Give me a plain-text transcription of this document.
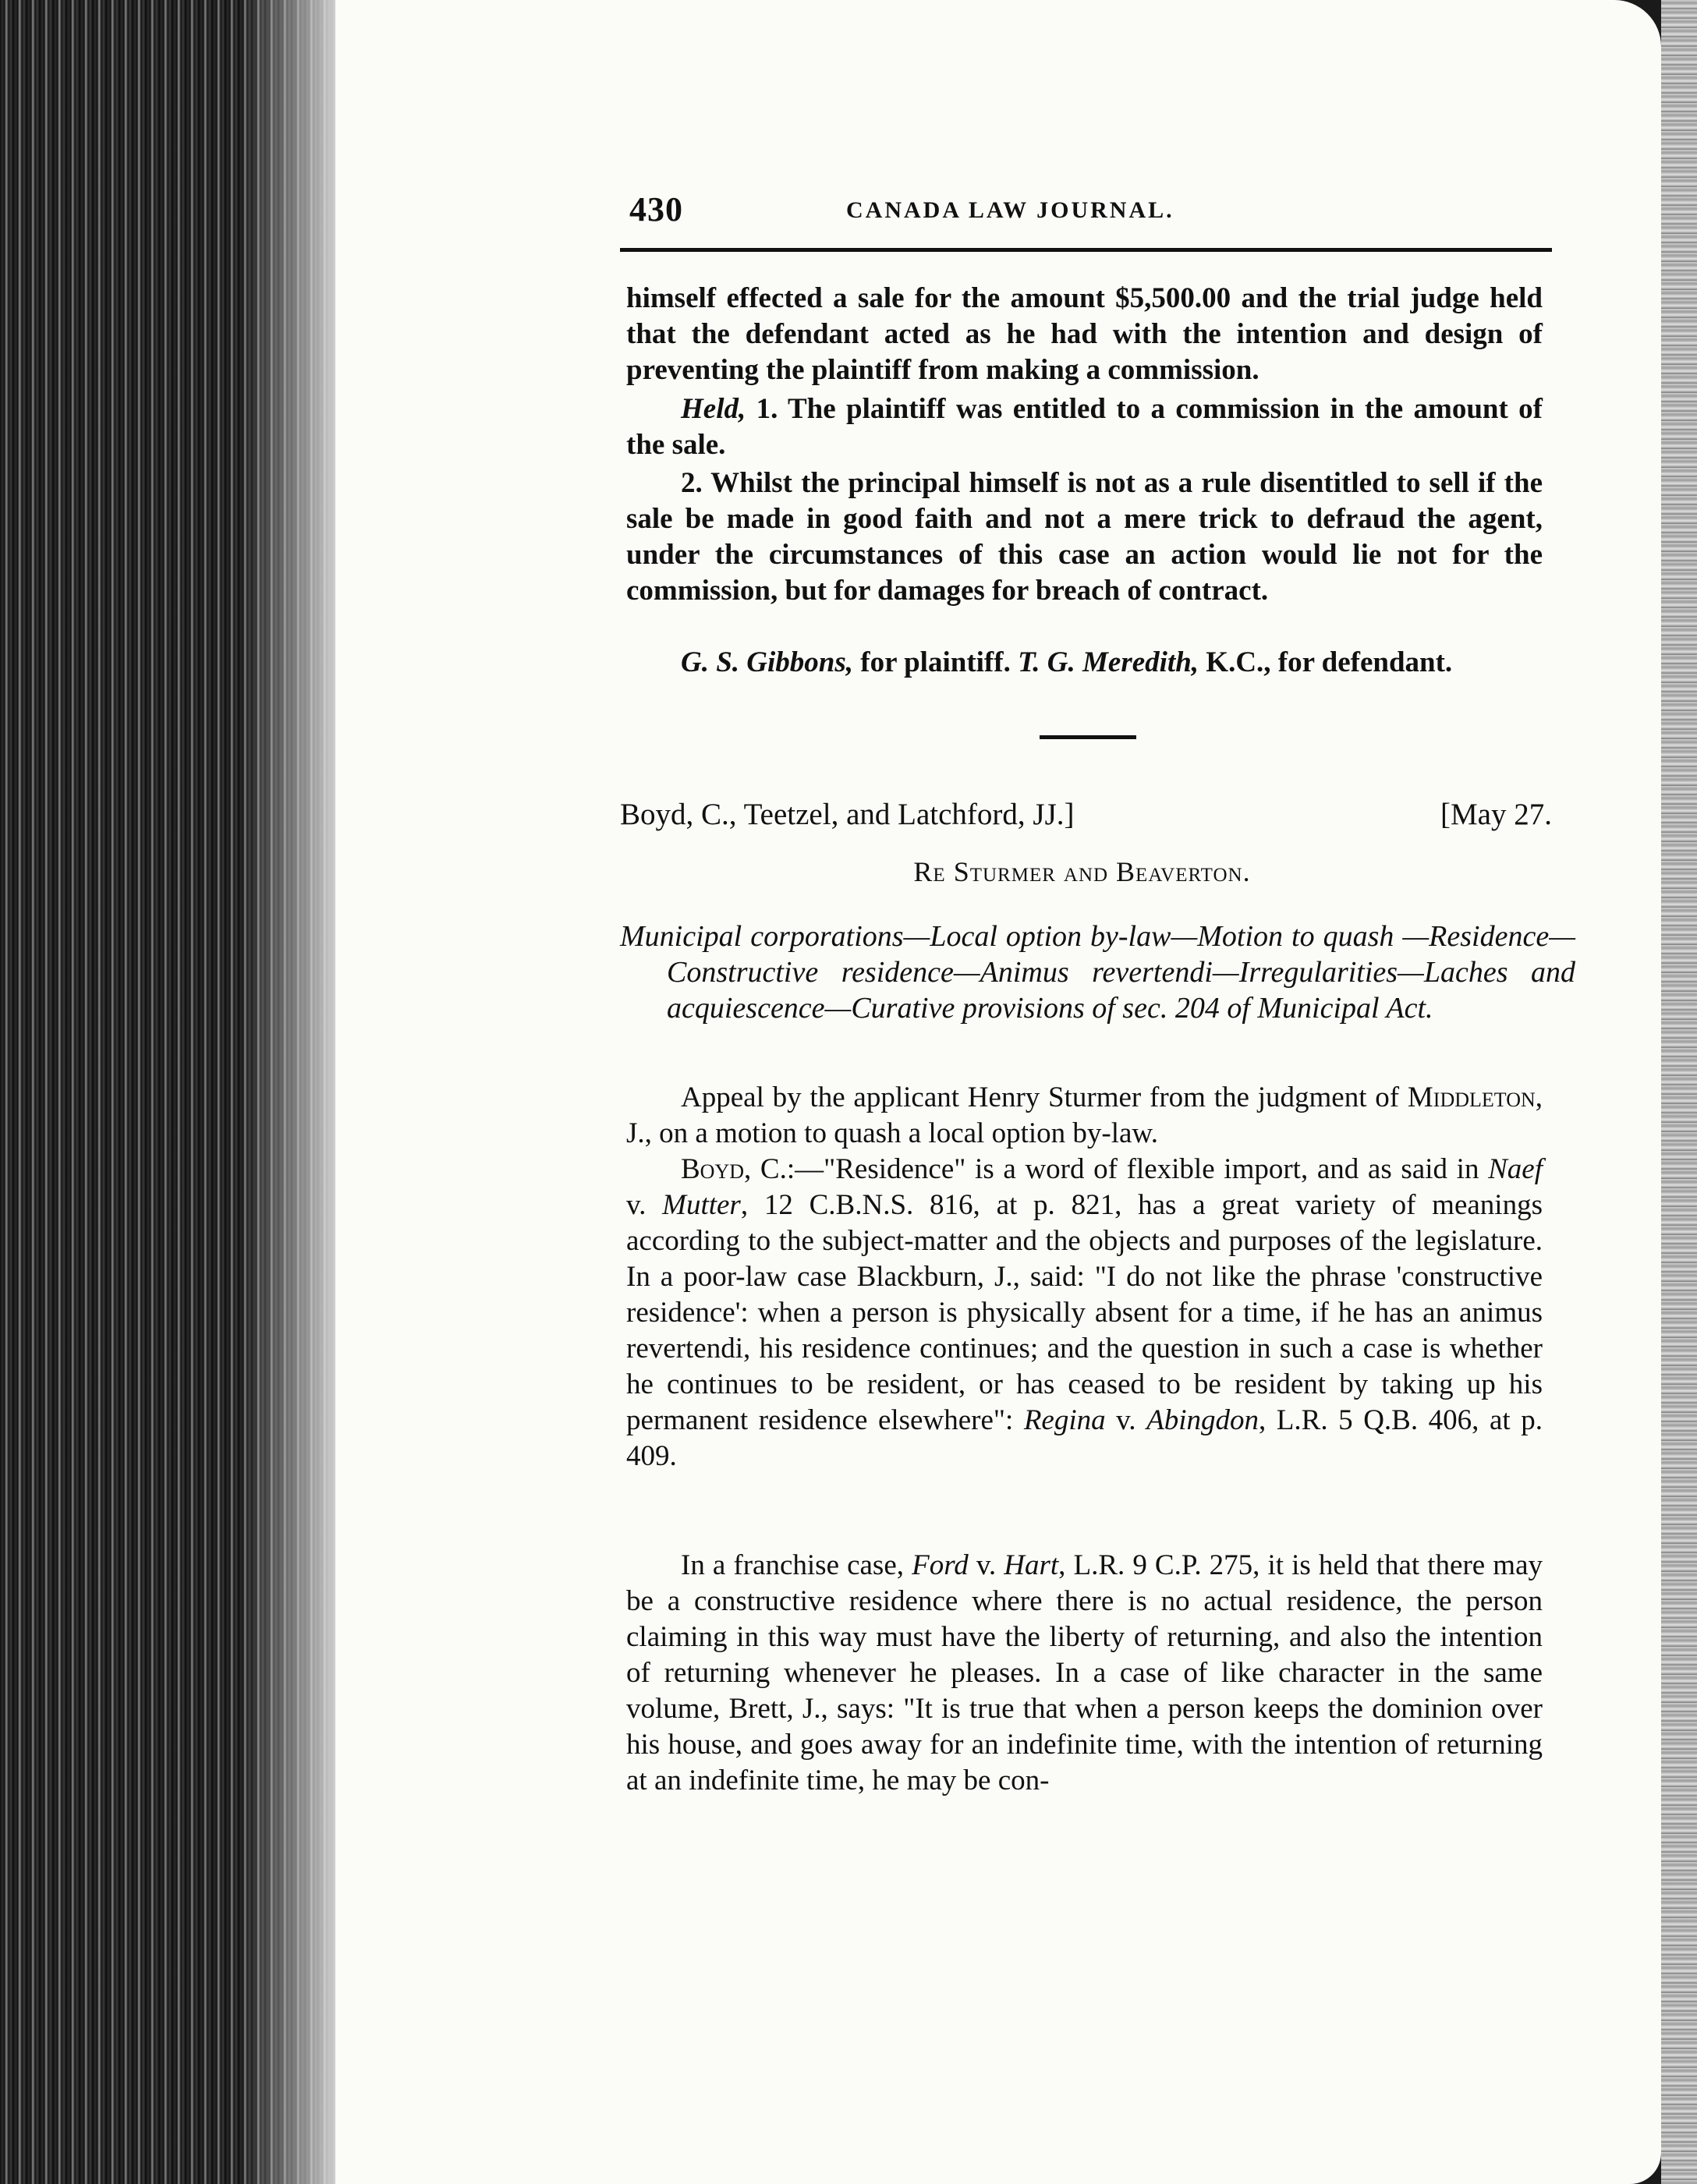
430	CANADA LAW JOURNAL.

himself effected a sale for the amount $5,500.00 and the trial judge held that the defendant acted as he had with the intention and design of preventing the plaintiff from making a commission.

Held, 1. The plaintiff was entitled to a commission in the amount of the sale.

2. Whilst the principal himself is not as a rule disentitled to sell if the sale be made in good faith and not a mere trick to defraud the agent, under the circumstances of this case an action would lie not for the commission, but for damages for breach of contract.

G. S. Gibbons, for plaintiff. T. G. Meredith, K.C., for defendant.

Boyd, C., Teetzel, and Latchford, JJ.]	[May 27.
Re Sturmer and Beaverton.

Municipal corporations—Local option by-law—Motion to quash —Residence—Constructive residence—Animus revertendi—Irregularities—Laches and acquiescence—Curative provisions of sec. 204 of Municipal Act.

Appeal by the applicant Henry Sturmer from the judgment of Middleton, J., on a motion to quash a local option by-law.

Boyd, C.:—"Residence" is a word of flexible import, and as said in Naef v. Mutter, 12 C.B.N.S. 816, at p. 821, has a great variety of meanings according to the subject-matter and the objects and purposes of the legislature. In a poor-law case Blackburn, J., said: "I do not like the phrase 'constructive residence': when a person is physically absent for a time, if he has an animus revertendi, his residence continues; and the question in such a case is whether he continues to be resident, or has ceased to be resident by taking up his permanent residence elsewhere": Regina v. Abingdon, L.R. 5 Q.B. 406, at p. 409.

In a franchise case, Ford v. Hart, L.R. 9 C.P. 275, it is held that there may be a constructive residence where there is no actual residence, the person claiming in this way must have the liberty of returning, and also the intention of returning whenever he pleases. In a case of like character in the same volume, Brett, J., says: "It is true that when a person keeps the dominion over his house, and goes away for an indefinite time, with the intention of returning at an indefinite time, he may be con-
